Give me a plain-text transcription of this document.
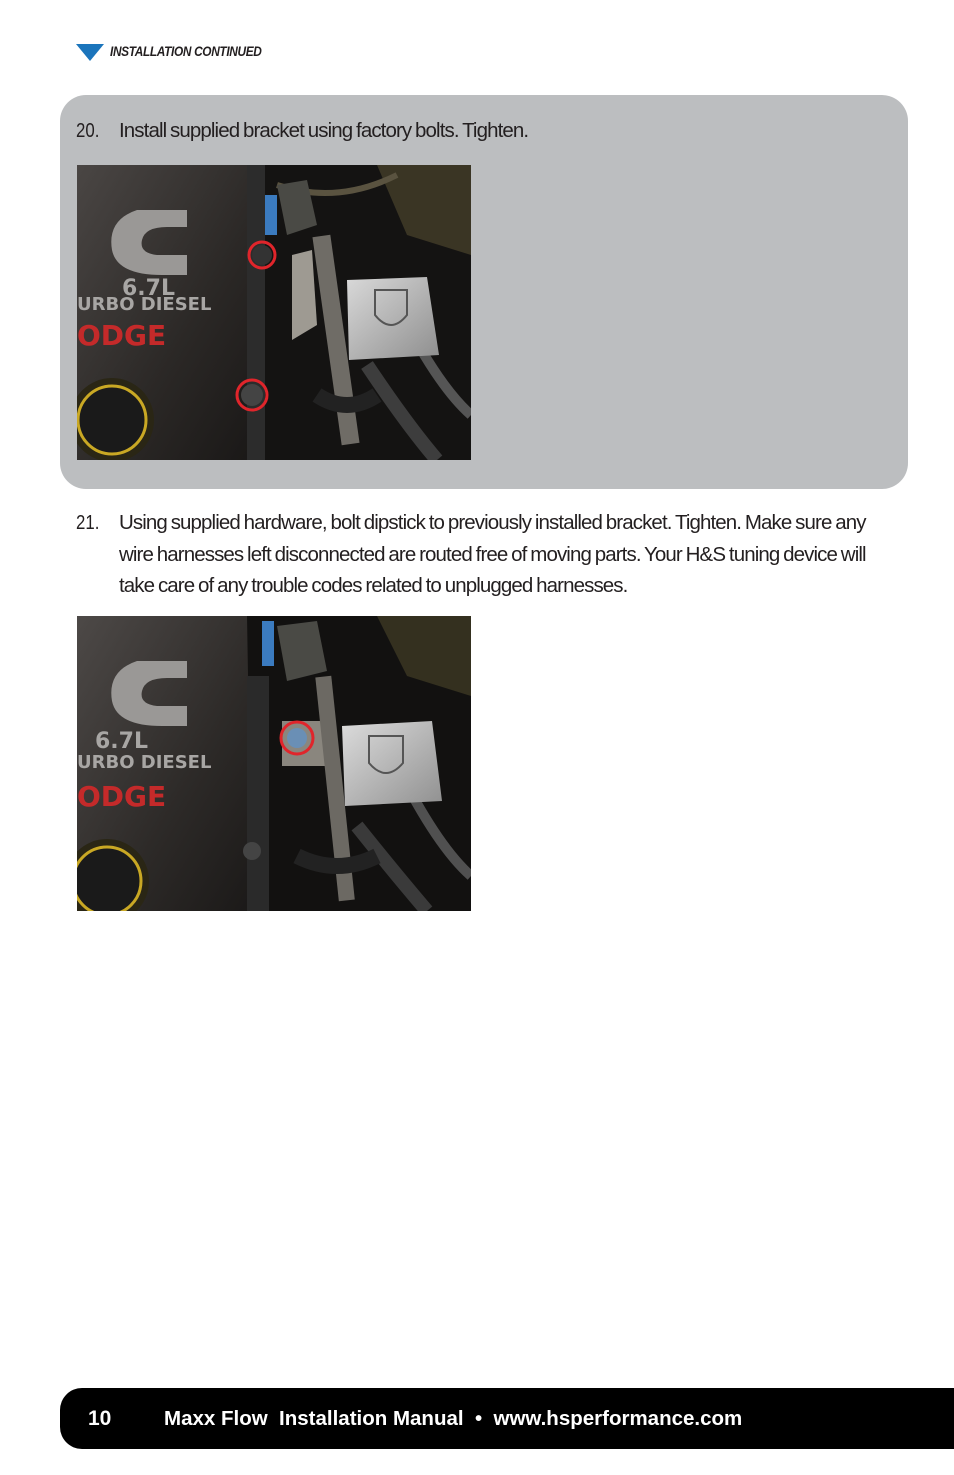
INSTALLATION CONTINUED
20. Install supplied bracket using factory bolts. Tighten.
6.7L
URBO DIESEL
ODGE
21. Using supplied hardware, bolt dipstick to previously installed bracket. Tighten. Make sure any wire harnesses left disconnected are routed free of moving parts. Your H&S tuning device will take care of any trouble codes related to unplugged harnesses.
6.7L
URBO DIESEL
ODGE
10	Maxx Flow  Installation Manual  •  www.hsperformance.com
